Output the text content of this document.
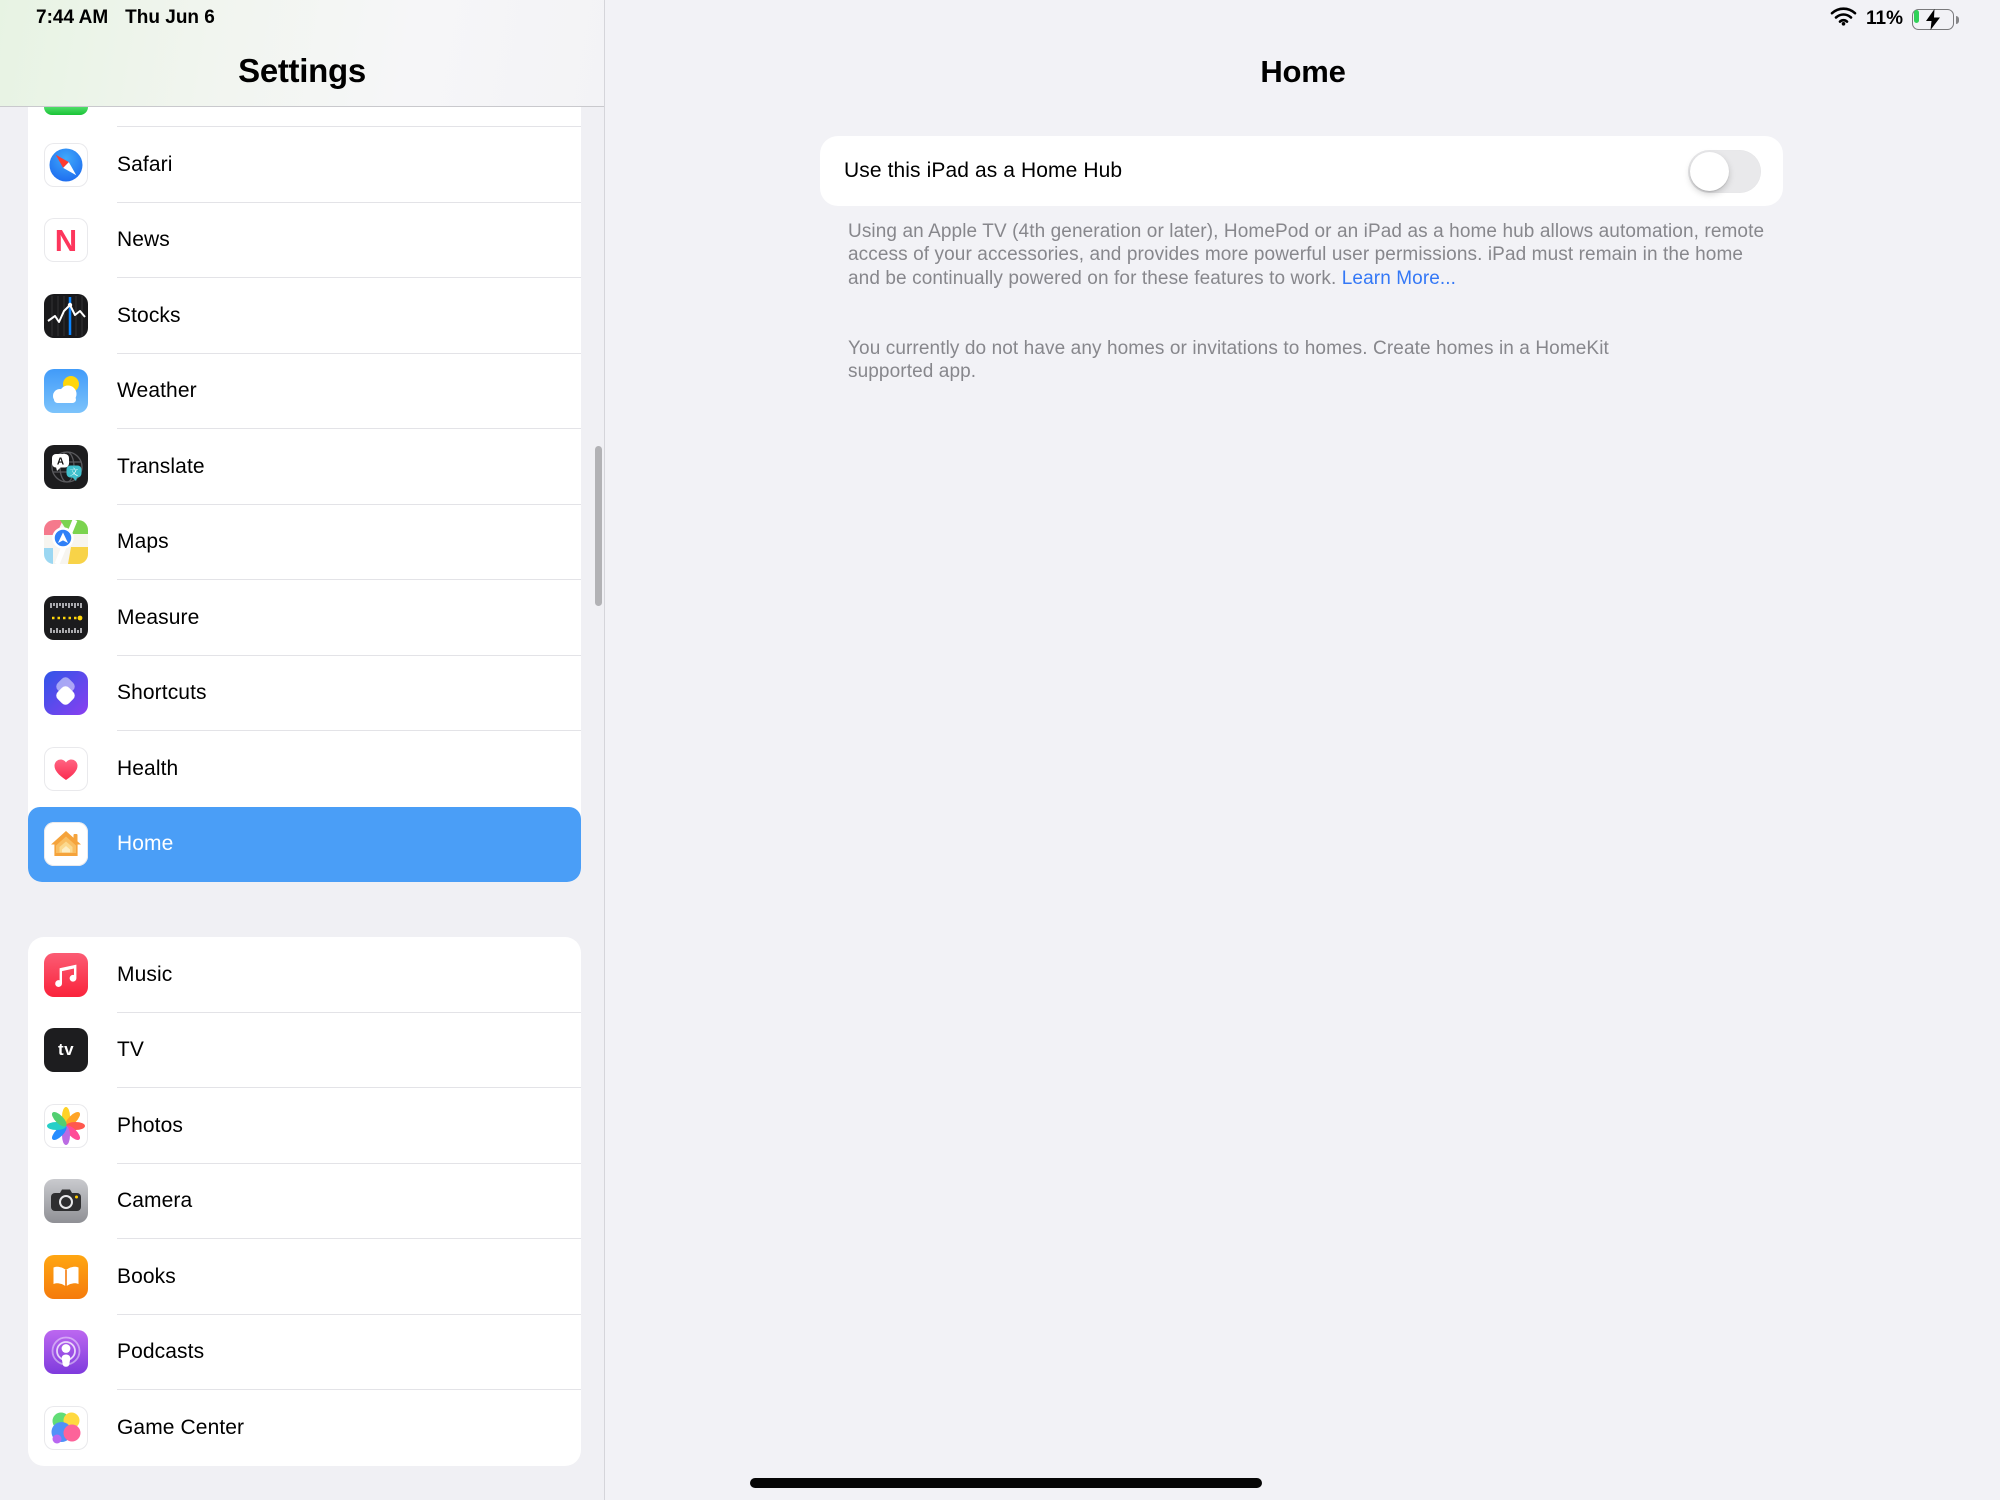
Safari
N News
Stocks
Weather
A
文 Translate
Maps
Measure
Shortcuts
Health
Home
Music
tv TV
Photos
Camera
Books
Podcasts
Game Center
Settings	Home
Use this iPad as a Home Hub
Using an Apple TV (4th generation or later), HomePod or an iPad as a home hub allows automation, remote access of your accessories, and provides more powerful user permissions. iPad must remain in the home and be continually powered on for these features to work. Learn More...
You currently do not have any homes or invitations to homes. Create homes in a HomeKit supported app.
7:44 AM Thu Jun 6	11%
